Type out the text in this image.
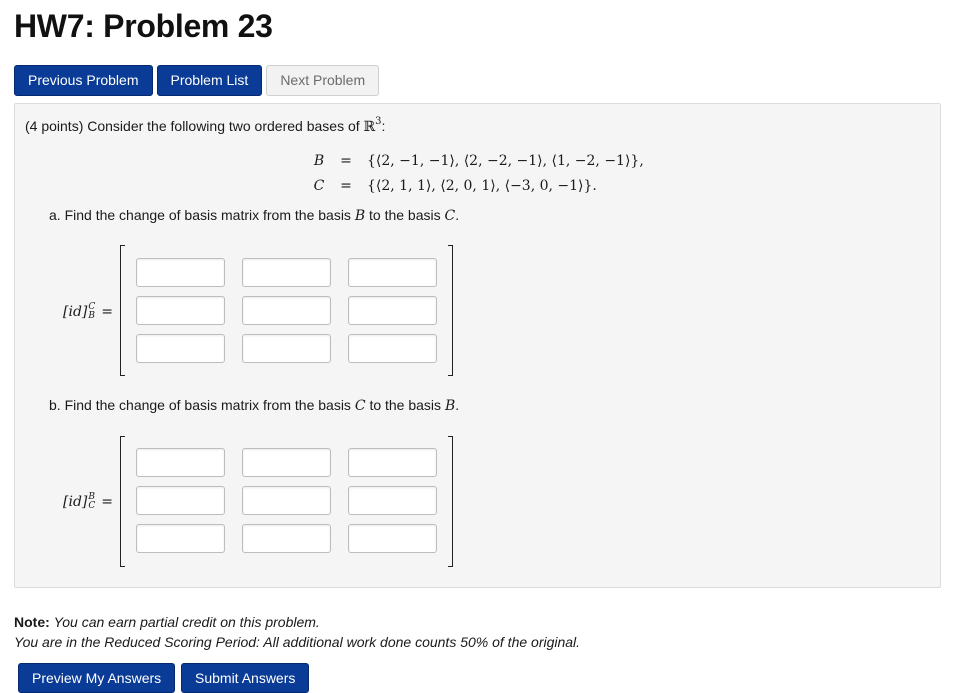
HW7: Problem 23
Previous Problem	Problem List	Next Problem
(4 points) Consider the following two ordered bases of ℝ$^3$:
B	=	{⟨2, −1, −1⟩, ⟨2, −2, −1⟩, ⟨1, −2, −1⟩},
C	=	{⟨2, 1, 1⟩, ⟨2, 0, 1⟩, ⟨−3, 0, −1⟩}.
a. Find the change of basis matrix from the basis B to the basis C.
[id]C
B =
b. Find the change of basis matrix from the basis C to the basis B.
[id]B
C =
Note: You can earn partial credit on this problem.
You are in the Reduced Scoring Period: All additional work done counts 50% of the original.
Preview My Answers	Submit Answers
